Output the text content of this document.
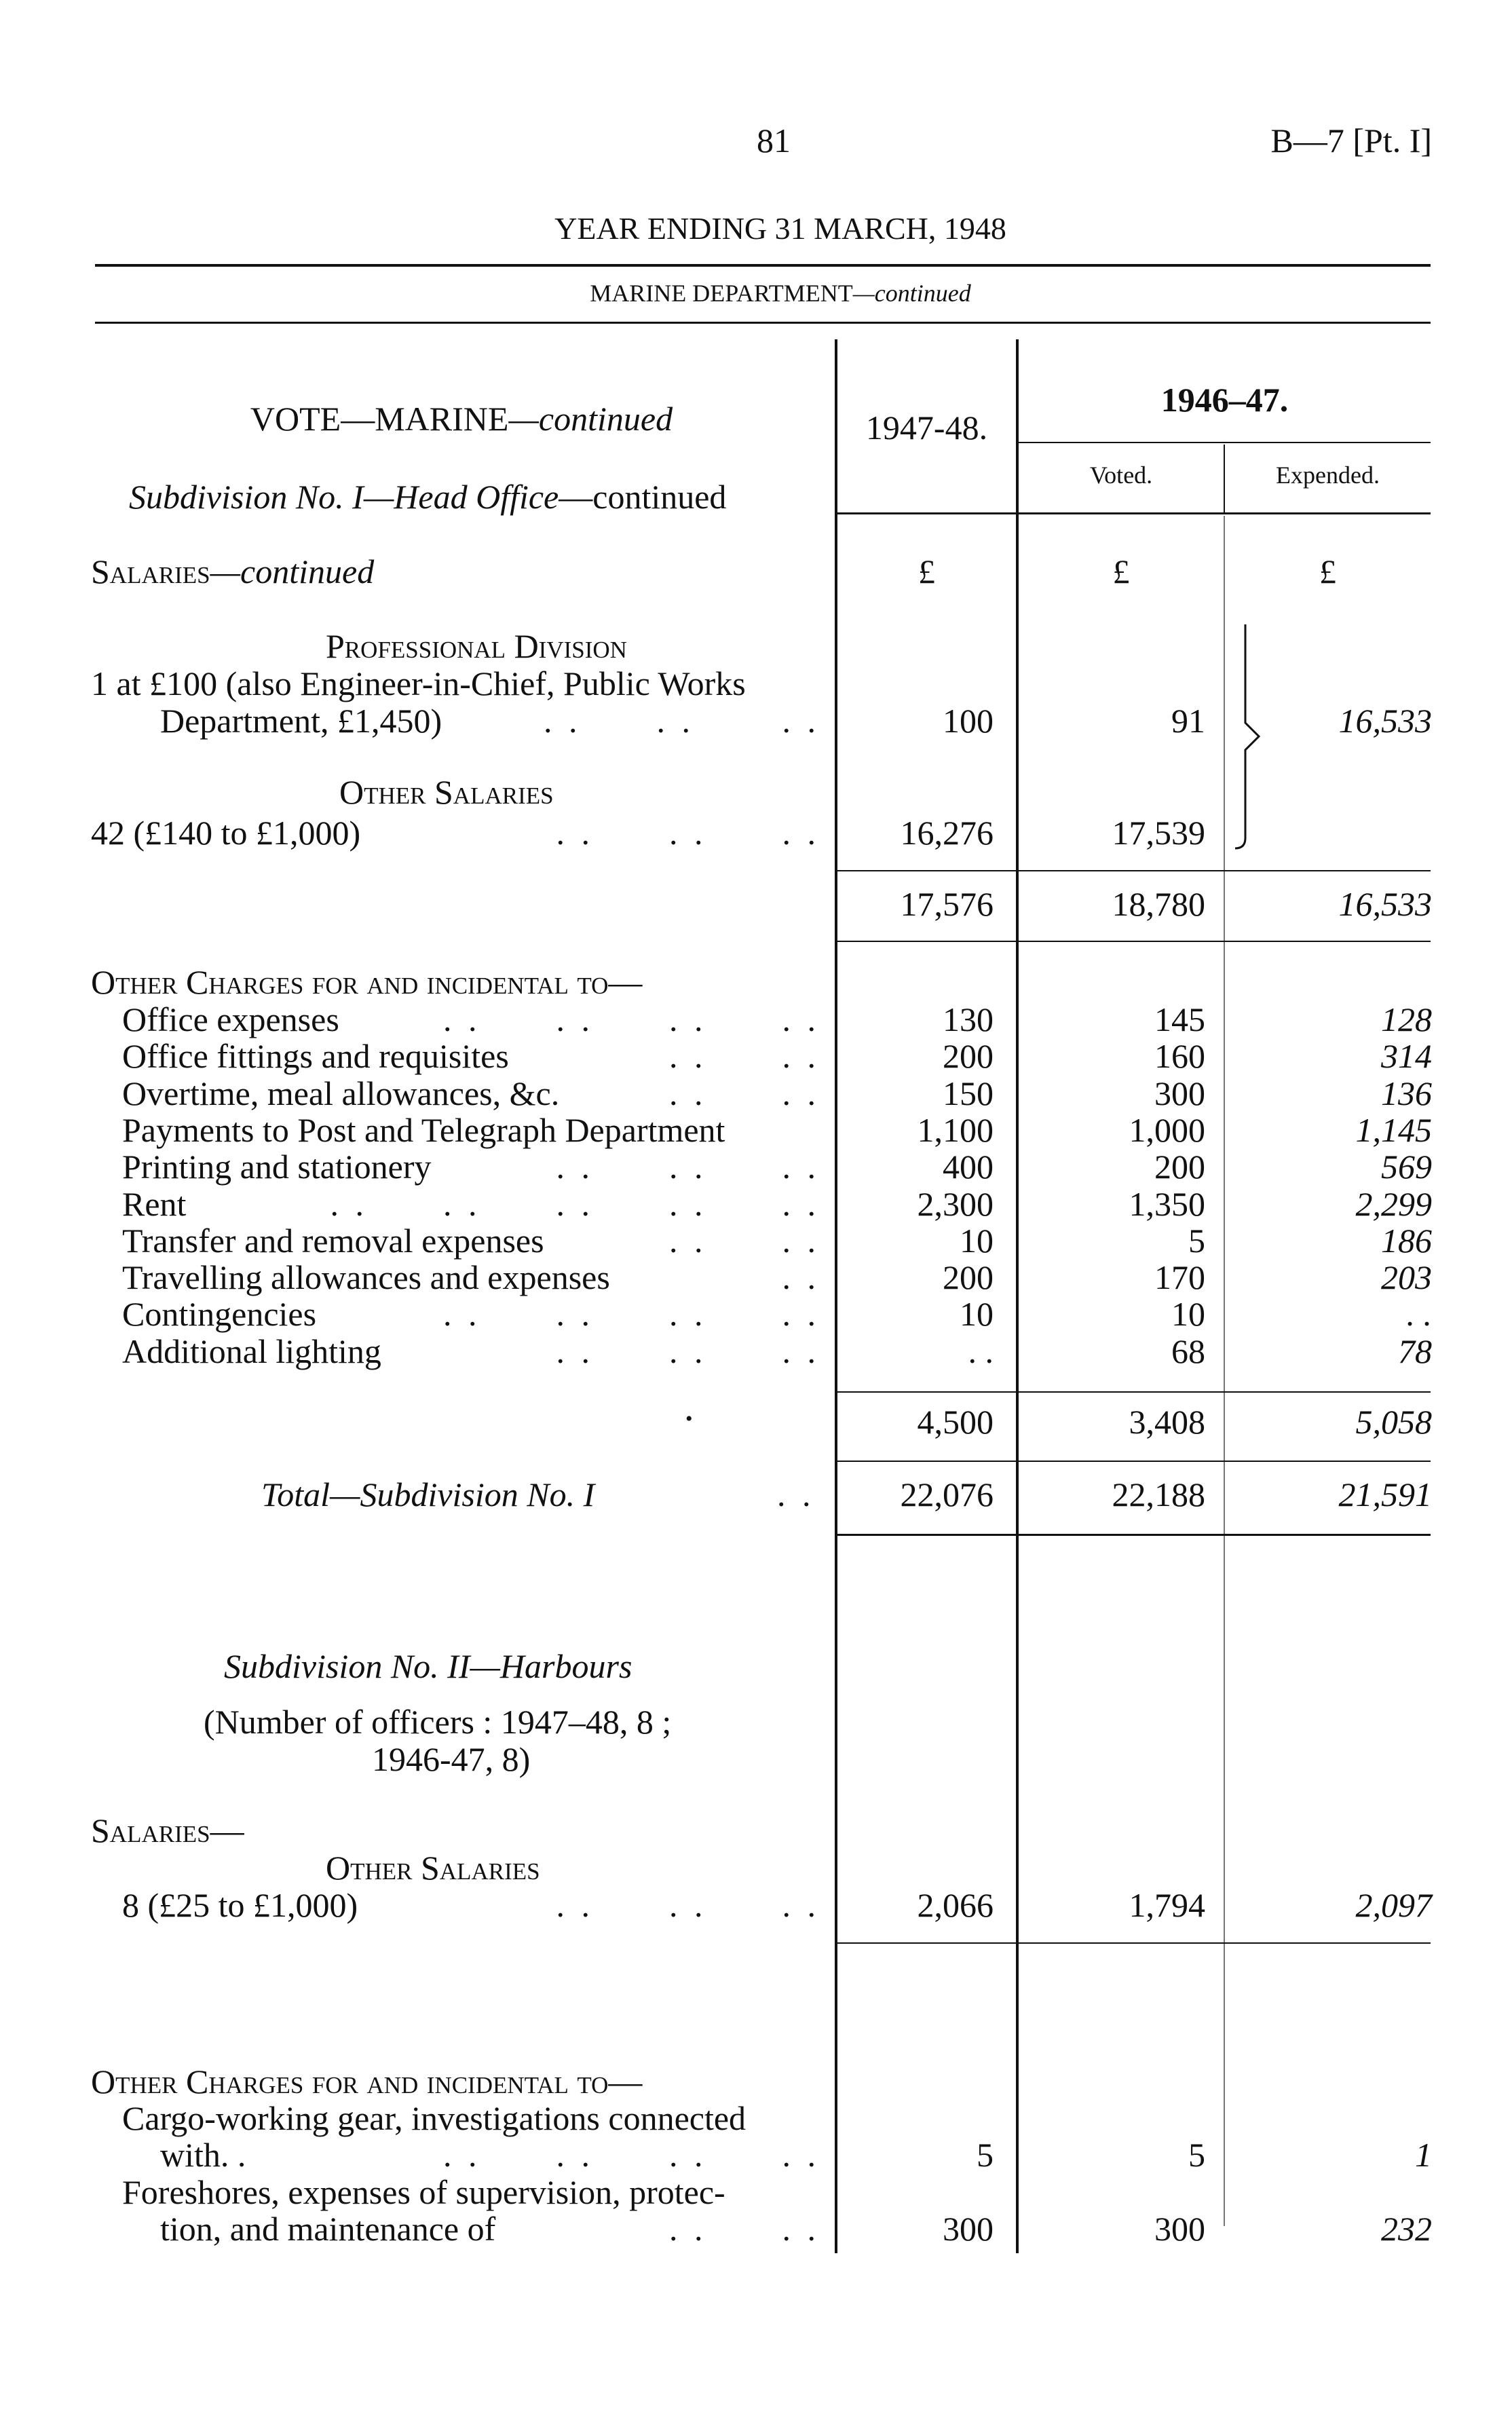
81	B—7 [Pt. I]
YEAR ENDING 31 MARCH, 1948
MARINE DEPARTMENT—continued
VOTE—MARINE—continued
Subdivision No. I—Head Office—continued
1947-48.
1946–47.
Voted.	Expended.
Salaries—continued	£	£	£
Professional Division
1 at £100 (also Engineer-in-Chief, Public Works
Department, £1,450)	. .      . .       . .	100	91	16,533
Other Salaries
42 (£140 to £1,000)	. .      . .      . .	16,276	17,539
17,576	18,780	16,533
Other Charges for and incidental to—
Office expenses	. .      . .      . .      . .	130	145	128
Office fittings and requisites	. .      . .	200	160	314
Overtime, meal allowances, &c.	. .      . .	150	300	136
Payments to Post and Telegraph Department	1,100	1,000	1,145
Printing and stationery	. .      . .      . .	400	200	569
Rent	. .      . .      . .      . .      . .	2,300	1,350	2,299
Transfer and removal expenses	. .      . .	10	5	186
Travelling allowances and expenses	. .	200	170	203
Contingencies	. .      . .      . .      . .	10	10	. .
Additional lighting	. .      . .      . .	. .	68	78
•	4,500	3,408	5,058
Total—Subdivision No. I	. .	22,076	22,188	21,591
Subdivision No. II—Harbours
(Number of officers : 1947–48, 8 ;
1946-47, 8)
Salaries—
Other Salaries
8 (£25 to £1,000)	. .      . .      . .	2,066	1,794	2,097
Other Charges for and incidental to—
Cargo-working gear, investigations connected
with. .	. .      . .      . .      . .	5	5	1
Foreshores, expenses of supervision, protec-
tion, and maintenance of	. .      . .	300	300	232
